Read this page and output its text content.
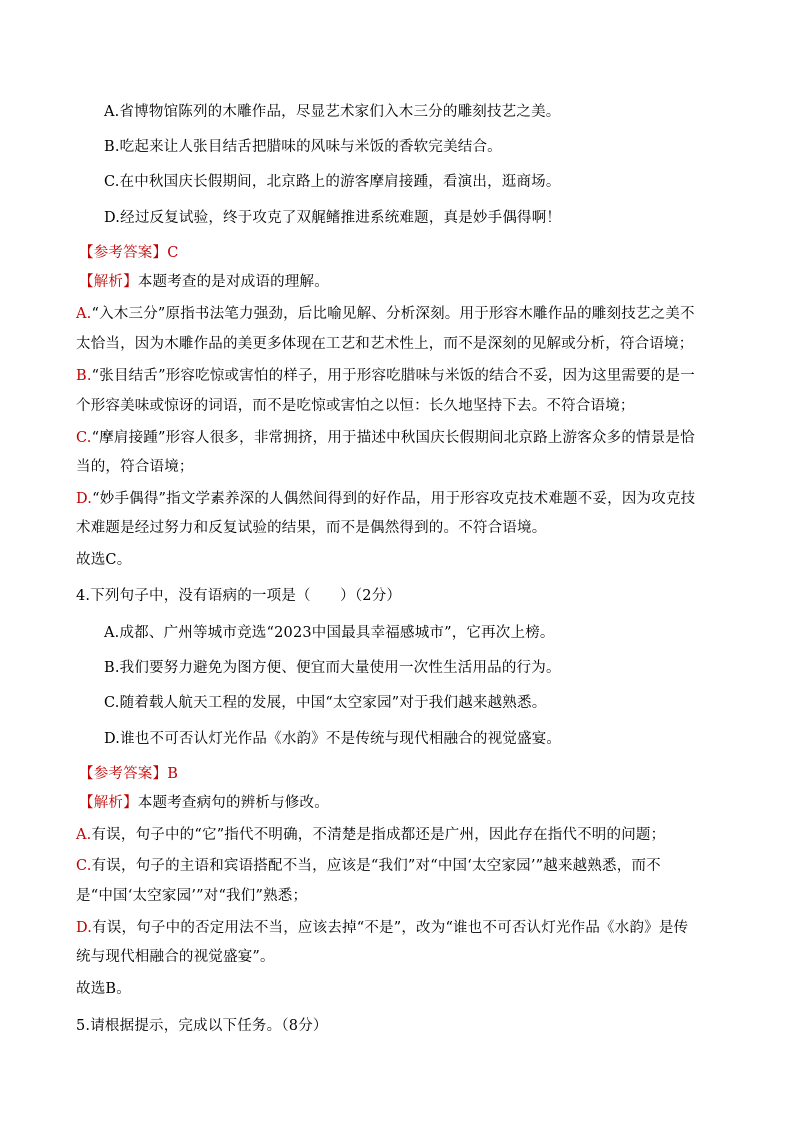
A.省博物馆陈列的木雕作品，尽显艺术家们入木三分的雕刻技艺之美。
B.吃起来让人张目结舌把腊味的风味与米饭的香软完美结合。
C.在中秋国庆长假期间，北京路上的游客摩肩接踵，看演出，逛商场。
D.经过反复试验，终于攻克了双艉鳍推进系统难题，真是妙手偶得啊！
【参考答案】C
【解析】本题考查的是对成语的理解。
A.“入木三分”原指书法笔力强劲，后比喻见解、分析深刻。用于形容木雕作品的雕刻技艺之美不
太恰当，因为木雕作品的美更多体现在工艺和艺术性上，而不是深刻的见解或分析，符合语境；
B.“张目结舌”形容吃惊或害怕的样子，用于形容吃腊味与米饭的结合不妥，因为这里需要的是一
个形容美味或惊讶的词语，而不是吃惊或害怕之以恒：长久地坚持下去。不符合语境；
C.“摩肩接踵”形容人很多，非常拥挤，用于描述中秋国庆长假期间北京路上游客众多的情景是恰
当的，符合语境；
D.“妙手偶得”指文学素养深的人偶然间得到的好作品，用于形容攻克技术难题不妥，因为攻克技
术难题是经过努力和反复试验的结果，而不是偶然得到的。不符合语境。
故选C。
4.下列句子中，没有语病的一项是（　　）（2分）
A.成都、广州等城市竞选“2023中国最具幸福感城市”，它再次上榜。
B.我们要努力避免为图方便、便宜而大量使用一次性生活用品的行为。
C.随着载人航天工程的发展，中国“太空家园”对于我们越来越熟悉。
D.谁也不可否认灯光作品《水韵》不是传统与现代相融合的视觉盛宴。
【参考答案】B
【解析】本题考查病句的辨析与修改。
A.有误，句子中的“它”指代不明确，不清楚是指成都还是广州，因此存在指代不明的问题；
C.有误，句子的主语和宾语搭配不当，应该是“我们”对“中国‘太空家园’”越来越熟悉，而不
是“中国‘太空家园’”对“我们”熟悉；
D.有误，句子中的否定用法不当，应该去掉“不是”，改为“谁也不可否认灯光作品《水韵》是传
统与现代相融合的视觉盛宴”。
故选B。
5.请根据提示，完成以下任务。（8分）
